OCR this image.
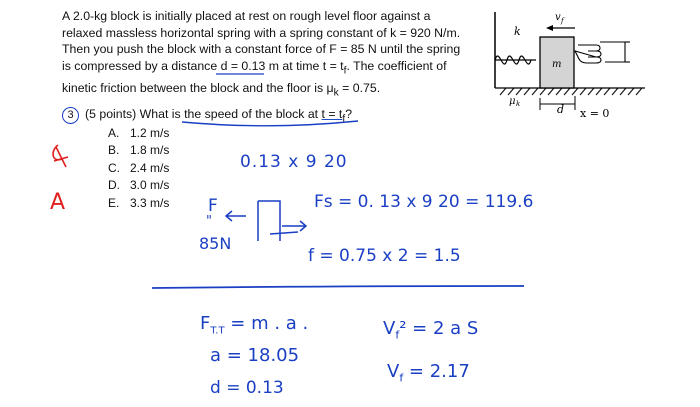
A 2.0-kg block is initially placed at rest on rough level floor against a
relaxed massless horizontal spring with a spring constant of k = 920 N/m.
Then you push the block with a constant force of F = 85 N until the spring
is compressed by a distance d = 0.13 m at time $t = t_f$. The coefficient of
kinetic friction between the block and the floor is $\mu_k = 0.75$.
3 (5 points) What is the speed of the block at $t = t_f$?
A. 1.2 m/s
B. 1.8 m/s
C. 2.4 m/s
D. 3.0 m/s
E. 3.3 m/s
k
m
v f
d x = 0
μ k
A
0.13 x 9 20
F
"
85N
Fs = 0. 13 x 9 20 = 119.6
f = 0.75 x 2 = 1.5
$F_{T.T} = m$ . a .
a = 18.05
d = 0.13
$V_f^2 = 2$ a S
$V_f = 2.17$
